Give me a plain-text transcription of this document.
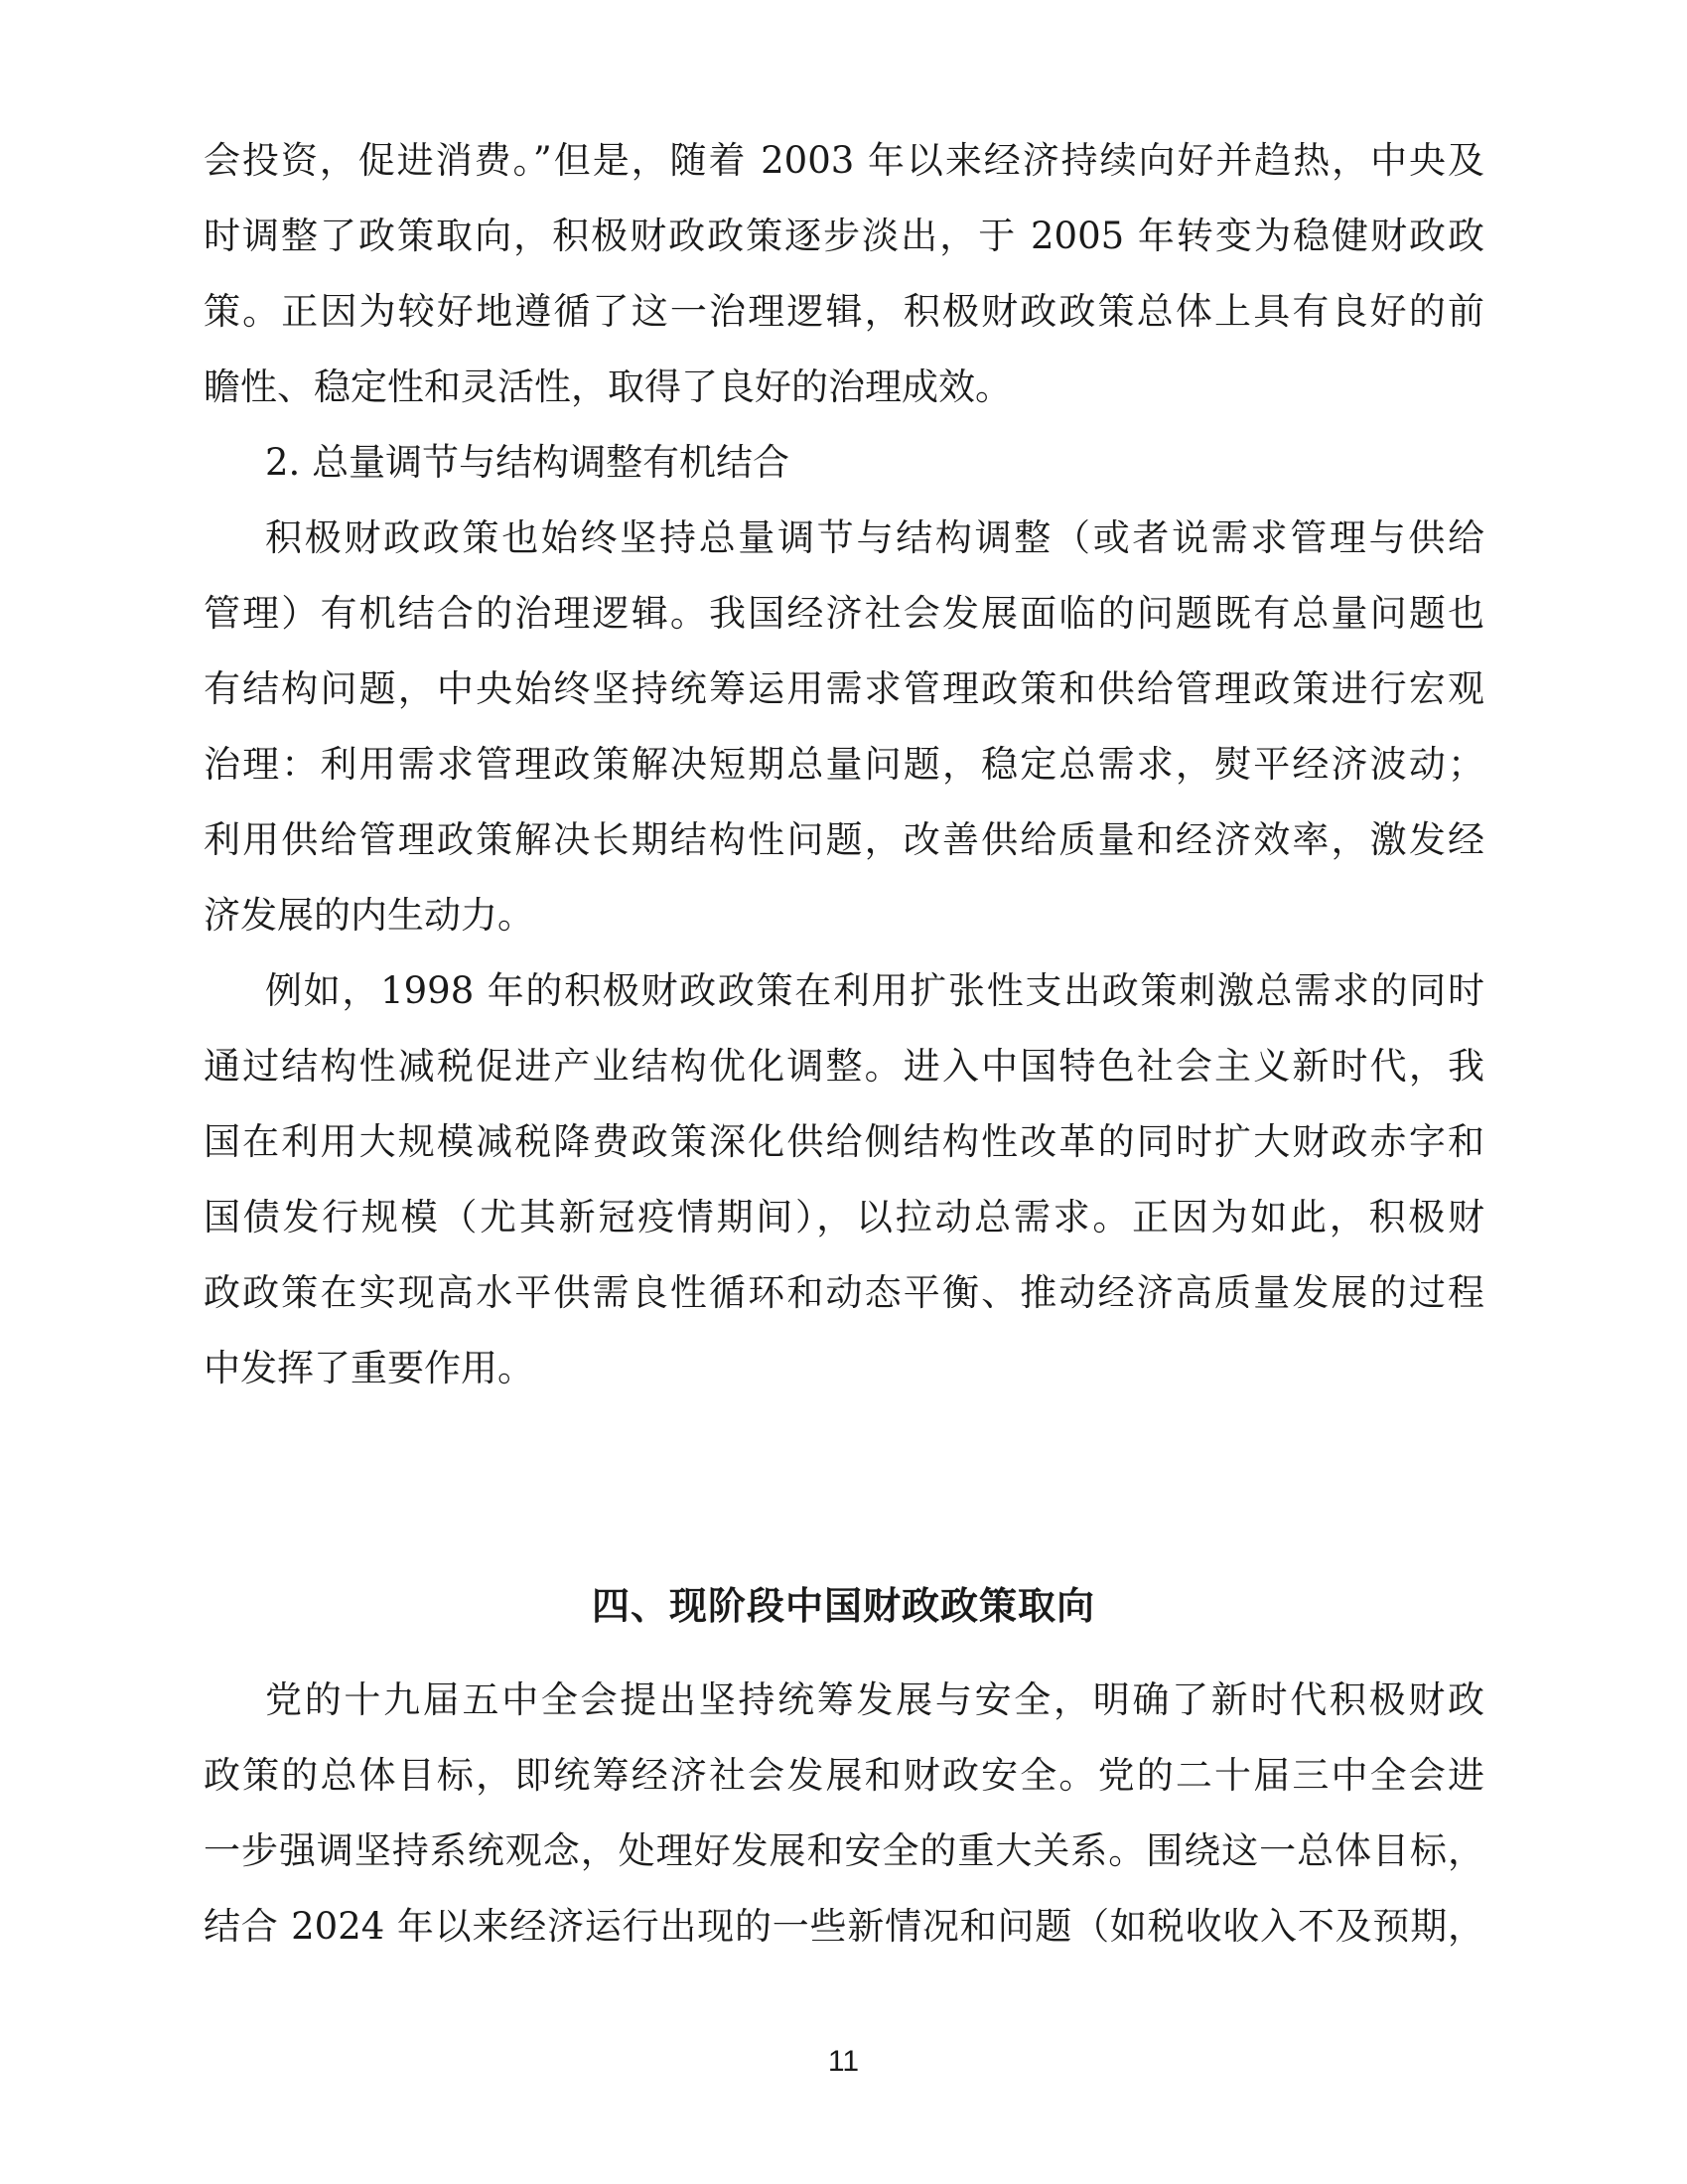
会投资，促进消费。”但是，随着 2003 年以来经济持续向好并趋热，中央及
时调整了政策取向，积极财政政策逐步淡出，于 2005 年转变为稳健财政政
策。正因为较好地遵循了这一治理逻辑，积极财政政策总体上具有良好的前
瞻性、稳定性和灵活性，取得了良好的治理成效。
2. 总量调节与结构调整有机结合
积极财政政策也始终坚持总量调节与结构调整（或者说需求管理与供给
管理）有机结合的治理逻辑。我国经济社会发展面临的问题既有总量问题也
有结构问题，中央始终坚持统筹运用需求管理政策和供给管理政策进行宏观
治理：利用需求管理政策解决短期总量问题，稳定总需求，熨平经济波动；
利用供给管理政策解决长期结构性问题，改善供给质量和经济效率，激发经
济发展的内生动力。
例如，1998 年的积极财政政策在利用扩张性支出政策刺激总需求的同时
通过结构性减税促进产业结构优化调整。进入中国特色社会主义新时代，我
国在利用大规模减税降费政策深化供给侧结构性改革的同时扩大财政赤字和
国债发行规模（尤其新冠疫情期间），以拉动总需求。正因为如此，积极财
政政策在实现高水平供需良性循环和动态平衡、推动经济高质量发展的过程
中发挥了重要作用。
四、现阶段中国财政政策取向
党的十九届五中全会提出坚持统筹发展与安全，明确了新时代积极财政
政策的总体目标，即统筹经济社会发展和财政安全。党的二十届三中全会进
一步强调坚持系统观念，处理好发展和安全的重大关系。围绕这一总体目标，
结合 2024 年以来经济运行出现的一些新情况和问题（如税收收入不及预期，
11
